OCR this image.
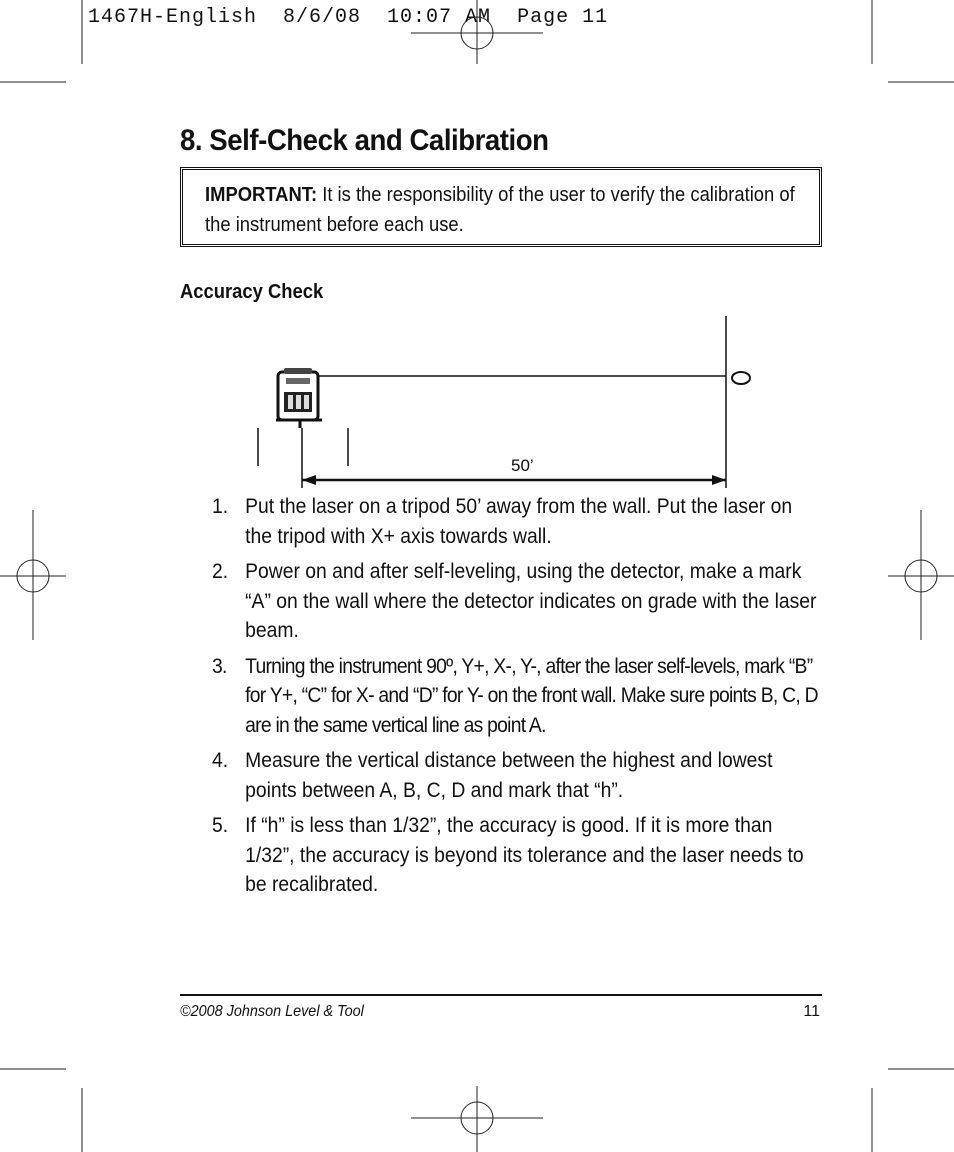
1467H-English  8/6/08  10:07 AM  Page 11
8. Self-Check and Calibration
IMPORTANT: It is the responsibility of the user to verify the calibration of the instrument before each use.
Accuracy Check
50’
1. Put the laser on a tripod 50’ away from the wall. Put the laser on the tripod with X+ axis towards wall.
2. Power on and after self-leveling, using the detector, make a mark “A” on the wall where the detector indicates on grade with the laser beam.
3. Turning the instrument 90º, Y+, X-, Y-, after the laser self-levels, mark “B” for Y+, “C” for X- and “D” for Y- on the front wall. Make sure points B, C, D are in the same vertical line as point A.
4. Measure the vertical distance between the highest and lowest points between A, B, C, D and mark that “h”.
5. If “h” is less than 1/32”, the accuracy is good. If it is more than 1/32”, the accuracy is beyond its tolerance and the laser needs to be recalibrated.
©2008 Johnson Level & Tool	11
